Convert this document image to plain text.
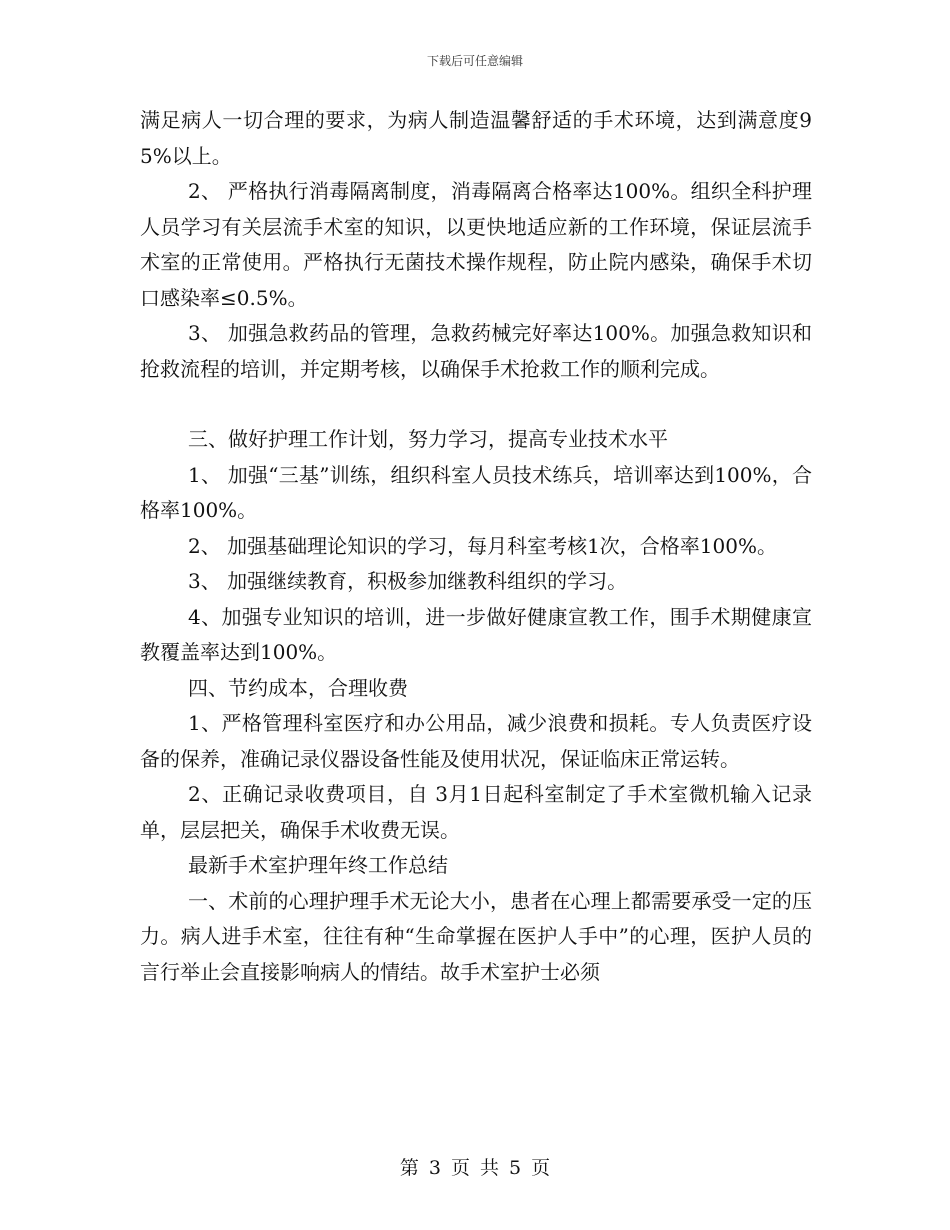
下载后可任意编辑

满足病人一切合理的要求，为病人制造温馨舒适的手术环境，达到满意度95%以上。

2、 严格执行消毒隔离制度，消毒隔离合格率达100%。组织全科护理人员学习有关层流手术室的知识，以更快地适应新的工作环境，保证层流手术室的正常使用。严格执行无菌技术操作规程，防止院内感染，确保手术切口感染率≤0.5%。

3、 加强急救药品的管理，急救药械完好率达100%。加强急救知识和抢救流程的培训，并定期考核，以确保手术抢救工作的顺利完成。

三、做好护理工作计划，努力学习，提高专业技术水平

1、 加强“三基”训练，组织科室人员技术练兵，培训率达到100%，合格率100%。

2、 加强基础理论知识的学习，每月科室考核1次，合格率100%。

3、 加强继续教育，积极参加继教科组织的学习。

4、加强专业知识的培训，进一步做好健康宣教工作，围手术期健康宣教覆盖率达到100%。

四、节约成本，合理收费

1、严格管理科室医疗和办公用品，减少浪费和损耗。专人负责医疗设备的保养，准确记录仪器设备性能及使用状况，保证临床正常运转。

2、正确记录收费项目，自 3月1日起科室制定了手术室微机输入记录单，层层把关，确保手术收费无误。

最新手术室护理年终工作总结

一、术前的心理护理手术无论大小，患者在心理上都需要承受一定的压力。病人进手术室，往往有种“生命掌握在医护人手中”的心理，医护人员的言行举止会直接影响病人的情结。故手术室护士必须

第 3 页 共 5 页
